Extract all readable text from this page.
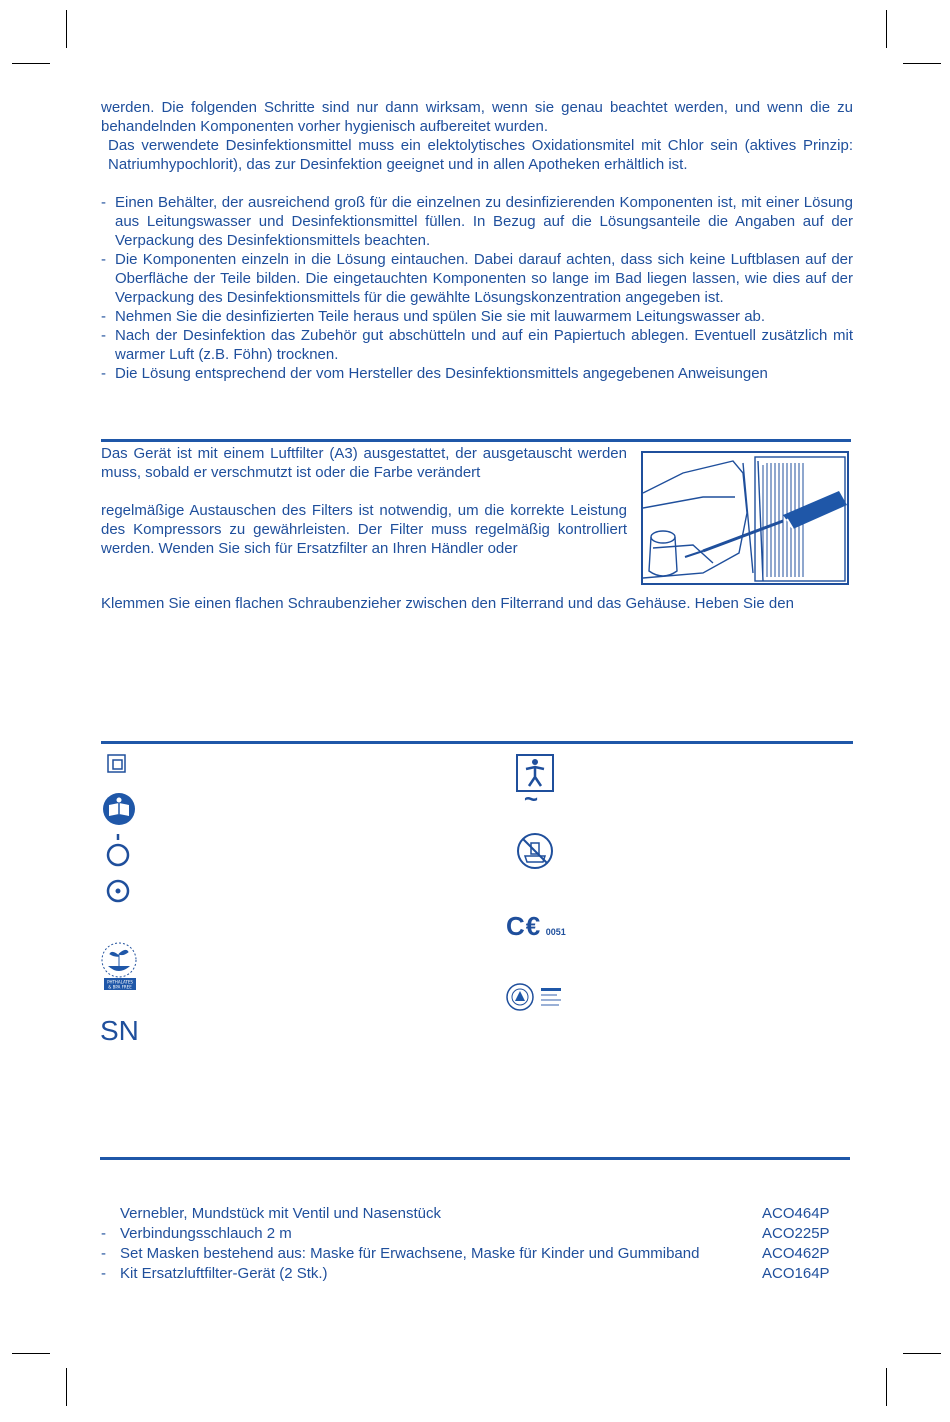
werden. Die folgenden Schritte sind nur dann wirksam, wenn sie genau beachtet werden, und wenn die zu behandelnden Komponenten vorher hygienisch aufbereitet wurden.

Das verwendete Desinfektionsmittel muss ein elektolytisches Oxidationsmitel mit Chlor sein (aktives Prinzip: Natriumhypochlorit), das zur Desinfektion geeignet und in allen Apotheken erhältlich ist.

- Einen Behälter, der ausreichend groß für die einzelnen zu desinfizierenden Komponenten ist, mit einer Lösung aus Leitungswasser und Desinfektionsmittel füllen. In Bezug auf die Lösungsanteile die Angaben auf der Verpackung des Desinfektionsmittels beachten.
- Die Komponenten einzeln in die Lösung eintauchen. Dabei darauf achten, dass sich keine Luftblasen auf der Oberfläche der Teile bilden. Die eingetauchten Komponenten so lange im Bad liegen lassen, wie dies auf der Verpackung des Desinfektionsmittels für die gewählte Lösungskonzentration angegeben ist.
- Nehmen Sie die desinfizierten Teile heraus und spülen Sie sie mit lauwarmem Leitungswasser ab.
- Nach der Desinfektion das Zubehör gut abschütteln und auf ein Papiertuch ablegen. Eventuell zusätzlich mit warmer Luft (z.B. Föhn) trocknen.
- Die Lösung entsprechend der vom Hersteller des Desinfektionsmittels angegebenen Anweisungen

Das Gerät ist mit einem Luftfilter (A3) ausgestattet, der ausgetauscht werden muss, sobald er verschmutzt ist oder die Farbe verändert

regelmäßige Austauschen des Filters ist notwendig, um die korrekte Leistung des Kompressors zu gewährleisten. Der Filter muss regelmäßig kontrolliert werden. Wenden Sie sich für Ersatzfilter an Ihren Händler oder

Klemmen Sie einen flachen Schraubenzieher zwischen den Filterrand und das Gehäuse. Heben Sie den
PHTHALATES
& BPA FREE
SN
~
C€ 0051
Vernebler, Mundstück mit Ventil und Nasenstück	ACO464P
- Verbindungsschlauch 2 m	ACO225P
- Set Masken bestehend aus: Maske für Erwachsene, Maske für Kinder und Gummiband	ACO462P
- Kit Ersatzluftfilter-Gerät (2 Stk.)	ACO164P
